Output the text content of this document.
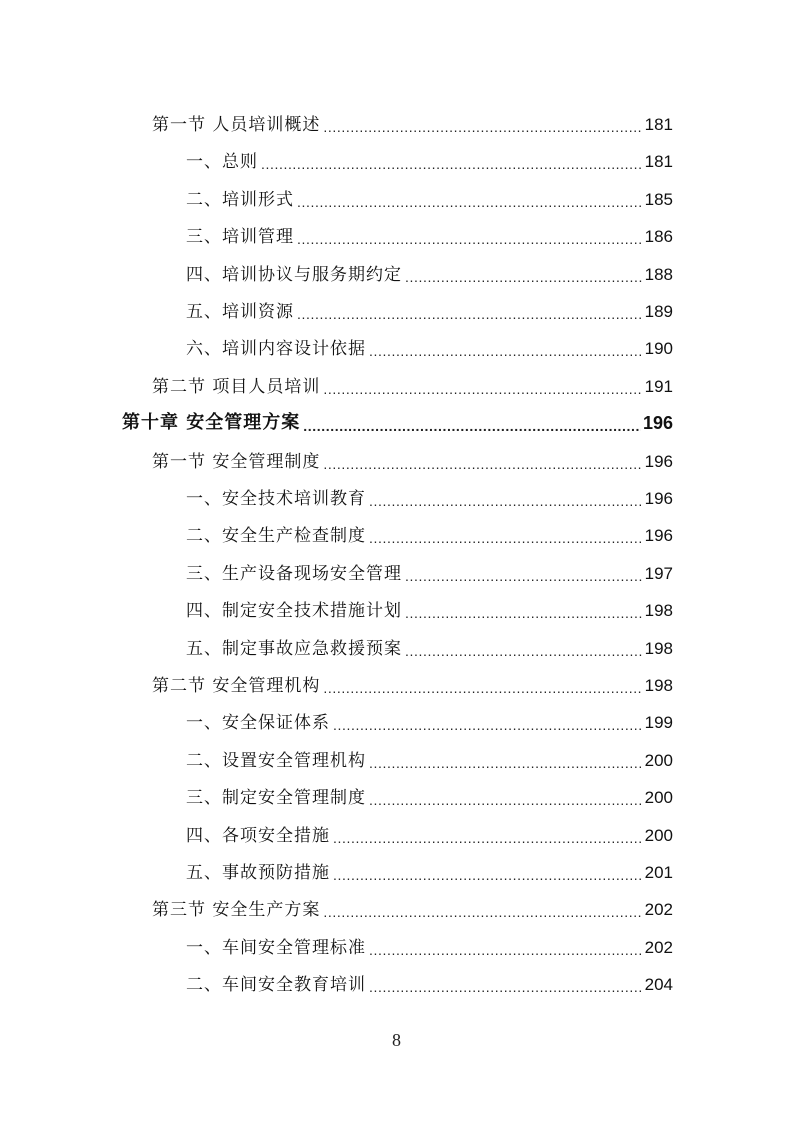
第一节 人员培训概述 .....	181
一、总则 .....	181
二、培训形式 .....	185
三、培训管理 .....	186
四、培训协议与服务期约定 .....	188
五、培训资源 .....	189
六、培训内容设计依据 .....	190
第二节 项目人员培训 .....	191
第十章 安全管理方案 .....	196
第一节 安全管理制度 .....	196
一、安全技术培训教育 .....	196
二、安全生产检查制度 .....	196
三、生产设备现场安全管理 .....	197
四、制定安全技术措施计划 .....	198
五、制定事故应急救援预案 .....	198
第二节 安全管理机构 .....	198
一、安全保证体系 .....	199
二、设置安全管理机构 .....	200
三、制定安全管理制度 .....	200
四、各项安全措施 .....	200
五、事故预防措施 .....	201
第三节 安全生产方案 .....	202
一、车间安全管理标准 .....	202
二、车间安全教育培训 .....	204
8
